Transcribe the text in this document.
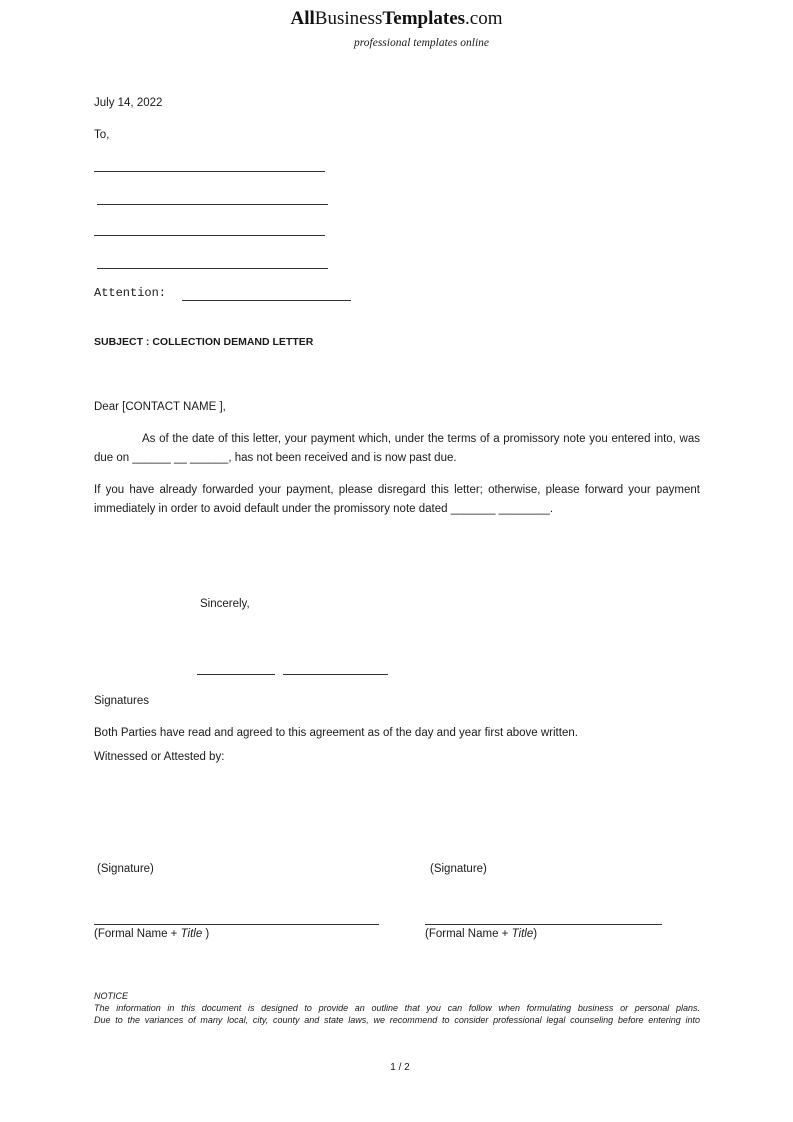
AllBusinessTemplates.com
professional templates online
July 14, 2022
To,
Attention:
SUBJECT : COLLECTION DEMAND LETTER
Dear [CONTACT NAME ],
As of the date of this letter, your payment which, under the terms of a promissory note you entered into, was due on ______ __ ______, has not been received and is now past due.
If you have already forwarded your payment, please disregard this letter; otherwise, please forward your payment immediately in order to avoid default under the promissory note dated _______ ________.
Sincerely,
Signatures
Both Parties have read and agreed to this agreement as of the day and year first above written.
Witnessed or Attested by:
(Signature)	(Signature)
(Formal Name + Title )	(Formal Name + Title)
NOTICE

The information in this document is designed to provide an outline that you can follow when formulating business or personal plans.

Due to the variances of many local, city, county and state laws, we recommend to consider professional legal counseling before entering into

1 / 2
